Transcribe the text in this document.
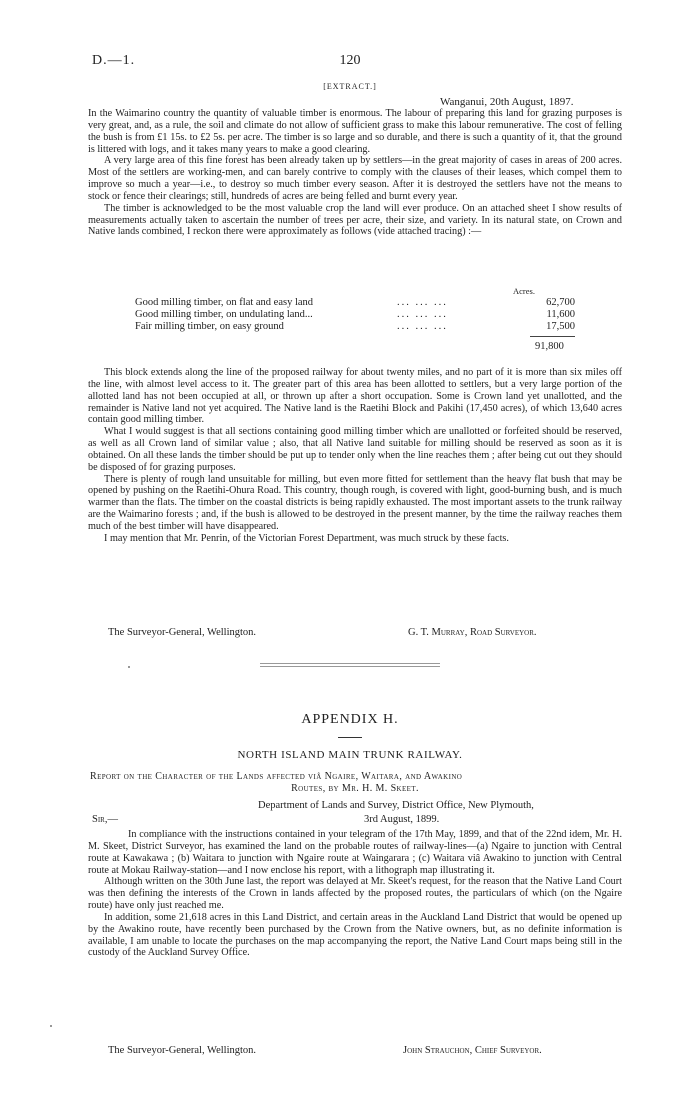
D.—1.	120
[EXTRACT.]
Wanganui, 20th August, 1897.

In the Waimarino country the quantity of valuable timber is enormous. The labour of preparing this land for grazing purposes is very great, and, as a rule, the soil and climate do not allow of sufficient grass to make this labour remunerative. The cost of felling the bush is from £1 15s. to £2 5s. per acre. The timber is so large and so durable, and there is such a quantity of it, that the ground is littered with logs, and it takes many years to make a good clearing.

A very large area of this fine forest has been already taken up by settlers—in the great majority of cases in areas of 200 acres. Most of the settlers are working-men, and can barely contrive to comply with the clauses of their leases, which compel them to improve so much a year—i.e., to destroy so much timber every season. After it is destroyed the settlers have not the means to stock or fence their clearings; still, hundreds of acres are being felled and burnt every year.

The timber is acknowledged to be the most valuable crop the land will ever produce. On an attached sheet I show results of measurements actually taken to ascertain the number of trees per acre, their size, and variety. In its natural state, on Crown and Native lands combined, I reckon there were approximately as follows (vide attached tracing) :—

Acres.
Good milling timber, on flat and easy land	... ... ...	62,700
Good milling timber, on undulating land...	... ... ...	11,600
Fair milling timber, on easy ground	... ... ...	17,500
91,800

This block extends along the line of the proposed railway for about twenty miles, and no part of it is more than six miles off the line, with almost level access to it. The greater part of this area has been allotted to settlers, but a very large portion of the allotted land has not been occupied at all, or thrown up after a short occupation. Some is Crown land yet unallotted, and the remainder is Native land not yet acquired. The Native land is the Raetihi Block and Pakihi (17,450 acres), of which 13,640 acres contain good milling timber.

What I would suggest is that all sections containing good milling timber which are unallotted or forfeited should be reserved, as well as all Crown land of similar value ; also, that all Native land suitable for milling should be reserved as soon as it is obtained. On all these lands the timber should be put up to tender only when the line reaches them ; after being cut out they should be disposed of for grazing purposes.

There is plenty of rough land unsuitable for milling, but even more fitted for settlement than the heavy flat bush that may be opened by pushing on the Raetihi-Ohura Road. This country, though rough, is covered with light, good-burning bush, and is much warmer than the flats. The timber on the coastal districts is being rapidly exhausted. The most important assets to the trunk railway are the Waimarino forests ; and, if the bush is allowed to be destroyed in the present manner, by the time the railway reaches them much of the best timber will have disappeared.

I may mention that Mr. Penrin, of the Victorian Forest Department, was much struck by these facts.

The Surveyor-General, Wellington.	G. T. Murray, Road Surveyor.
APPENDIX H.
NORTH ISLAND MAIN TRUNK RAILWAY.
Report on the Character of the Lands affected viâ Ngaire, Waitara, and Awakino
Routes, by Mr. H. M. Skeet.
Department of Lands and Survey, District Office, New Plymouth,
Sir,—	3rd August, 1899.

In compliance with the instructions contained in your telegram of the 17th May, 1899, and that of the 22nd idem, Mr. H. M. Skeet, District Surveyor, has examined the land on the probable routes of railway-lines—(a) Ngaire to junction with Central route at Kawakawa ; (b) Waitara to junction with Ngaire route at Waingarara ; (c) Waitara viâ Awakino to junction with Central route at Mokau Railway-station—and I now enclose his report, with a lithograph map illustrating it.

Although written on the 30th June last, the report was delayed at Mr. Skeet's request, for the reason that the Native Land Court was then defining the interests of the Crown in lands affected by the proposed routes, the particulars of which (on the Ngaire route) have only just reached me.

In addition, some 21,618 acres in this Land District, and certain areas in the Auckland Land District that would be opened up by the Awakino route, have recently been purchased by the Crown from the Native owners, but, as no definite information is available, I am unable to locate the purchases on the map accompanying the report, the Native Land Court maps being still in the custody of the Auckland Survey Office.

The Surveyor-General, Wellington.	John Strauchon, Chief Surveyor.
